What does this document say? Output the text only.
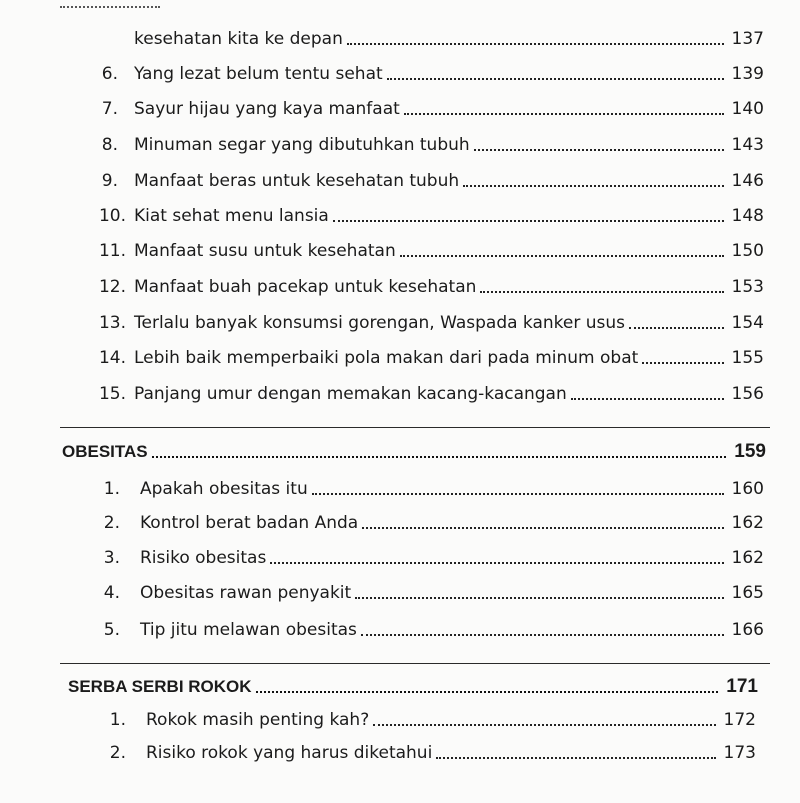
kesehatan kita ke depan	137
6. Yang lezat belum tentu sehat	139
7. Sayur hijau yang kaya manfaat	140
8. Minuman segar yang dibutuhkan tubuh	143
9. Manfaat beras untuk kesehatan tubuh	146
10. Kiat sehat menu lansia	148
11. Manfaat susu untuk kesehatan	150
12. Manfaat buah pacekap untuk kesehatan	153
13. Terlalu banyak konsumsi gorengan, Waspada kanker usus	154
14. Lebih baik memperbaiki pola makan dari pada minum obat	155
15. Panjang umur dengan memakan kacang-kacangan	156
OBESITAS	159
1. Apakah obesitas itu	160
2. Kontrol berat badan Anda	162
3. Risiko obesitas	162
4. Obesitas rawan penyakit	165
5. Tip jitu melawan obesitas	166
SERBA SERBI ROKOK	171
1. Rokok masih penting kah?	172
2. Risiko rokok yang harus diketahui	173
